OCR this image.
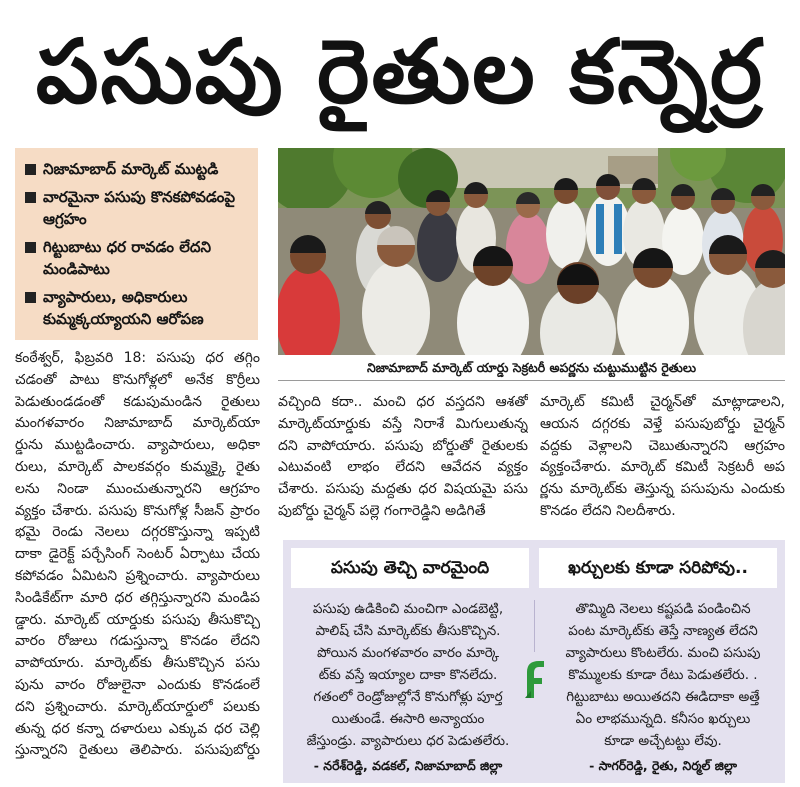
పసుపు రైతుల కన్నెర్ర
నిజామాబాద్ మార్కెట్ ముట్టడి
వారమైనా పసుపు కొనకపోవడంపై ఆగ్రహం
గిట్టుబాటు ధర రావడం లేదని మండిపాటు
వ్యాపారులు, అధికారులు కుమ్మక్కయ్యాయని ఆరోపణ
నిజామాబాద్ మార్కెట్ యార్డు సెక్రటరీ అపర్ణను చుట్టుముట్టిన రైతులు
కంఠేశ్వర్, ఫిబ్రవరి 18: పసుపు ధర తగ్గిం
చడంతో పాటు కొనుగోళ్లలో అనేక కొర్రీలు
పెడుతుండడంతో కడుపుమండిన రైతులు
మంగళవారం నిజామాబాద్ మార్కెట్‌యా
ర్డును ముట్టడించారు. వ్యాపారులు, అధికా
రులు, మార్కెట్ పాలకవర్గం కుమ్మక్కై రైతు
లను నిండా ముంచుతున్నారని ఆగ్రహం
వ్యక్తం చేశారు. పసుపు కొనుగోళ్ల సీజన్ ప్రారం
భమై రెండు నెలలు దగ్గరకొస్తున్నా ఇప్పటి
దాకా డైరెక్ట్ పర్చేసింగ్ సెంటర్ ఏర్పాటు చేయ
కపోవడం ఏమిటని ప్రశ్నించారు. వ్యాపారులు
సిండికేట్‌గా మారి ధర తగ్గిస్తున్నారని మండిప
డ్డారు. మార్కెట్ యార్డుకు పసుపు తీసుకొచ్చి
వారం రోజులు గడుస్తున్నా కొనడం లేదని
వాపోయారు. మార్కెట్‌కు తీసుకొచ్చిన పసు
పును వారం రోజులైనా ఎందుకు కొనడంలే
దని ప్రశ్నించారు. మార్కెట్‌యార్డులో పలుకు
తున్న ధర కన్నా దళారులు ఎక్కువ ధర చెల్లి
స్తున్నారని రైతులు తెలిపారు. పసుపుబోర్డు
వచ్చింది కదా.. మంచి ధర వస్తదని ఆశతో
మార్కెట్‌యార్డుకు వస్తే నిరాశే మిగులుతున్న
దని వాపోయారు. పసుపు బోర్డుతో రైతులకు
ఎటువంటి లాభం లేదని ఆవేదన వ్యక్తం
చేశారు. పసుపు మద్దతు ధర విషయమై పసు
పుబోర్డు చైర్మన్ పల్లె గంగారెడ్డిని అడిగితే
మార్కెట్ కమిటీ చైర్మన్‌తో మాట్లాడాలని,
ఆయన దగ్గరకు వెళ్తే పసుపుబోర్డు చైర్మన్
వద్దకు వెళ్లాలని చెబుతున్నారని ఆగ్రహం
వ్యక్తంచేశారు. మార్కెట్ కమిటీ సెక్రటరీ అప
ర్ణను మార్కెట్‌కు తెస్తున్న పసుపును ఎందుకు
కొనడం లేదని నిలదీశారు.
పసుపు తెచ్చి వారమైంది	ఖర్చులకు కూడా సరిపోవు..
పసుపు ఉడికించి మంచిగా ఎండబెట్టి,
పాలిష్ చేసి మార్కెట్‌కు తీసుకొచ్చిన.
పోయిన మంగళవారం వారం మార్కె
ట్‌కు వస్తే ఇయ్యాల దాకా కొనలేదు.
గతంలో రెండ్రోజుల్లోనే కొనుగోళ్లు పూర్త
యితుండే. ఈసారి అన్యాయం
జేస్తుండ్రు. వ్యాపారులు ధర పెడుతలేరు.
తొమ్మిది నెలలు కష్టపడి పండించిన
పంట మార్కెట్‌కు తెస్తే నాణ్యత లేదని
వ్యాపారులు కొంటలేరు. మంచి పసుపు
కొమ్ములకు కూడా రేటు పెడుతలేరు. .
గిట్టుబాటు అయితదని ఈడిదాకా అత్తే
ఏం లాభమున్నది. కనీసం ఖర్చులు
కూడా అచ్చేటట్టు లేవు.
- నరేశ్‌రెడ్డి, వడకల్, నిజామాబాద్ జిల్లా	- సాగర్‌రెడ్డి, రైతు, నిర్మల్ జిల్లా
